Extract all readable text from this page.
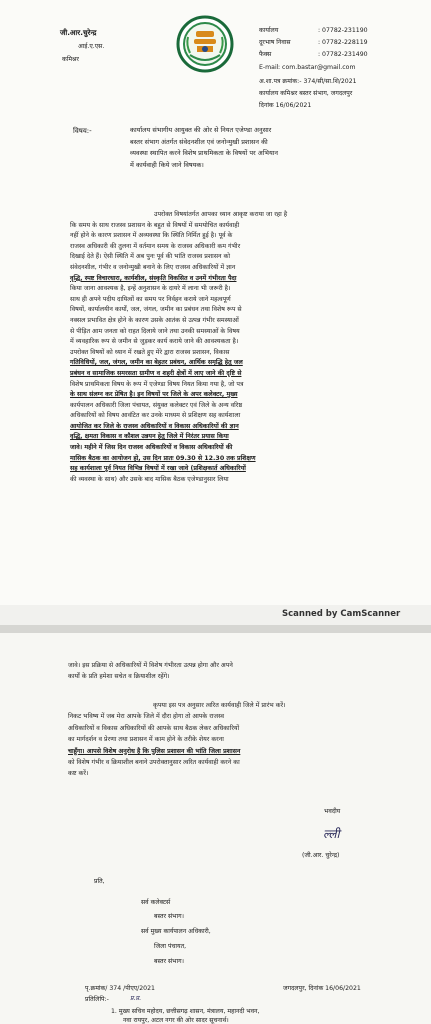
जी.आर.चुरेन्द्र
आई.ए.एस.
कमिश्नर
कार्यालय	: 07782-231190
दूरभाष निवास	: 07782-228119
फैक्स	: 07782-231490
E-mail : com.bastar@gmail.com
अ.शा.पत्र क्रमांक:- 374/सी/सा.शि/2021
कार्यालय कमिश्नर बस्तर संभाग, जगदलपुर
दिनांक 16/06/2021
विषय:-	कार्यालय संभागीय आयुक्त की ओर से नियत एजेण्डा अनुसार

बस्तर संभाग अंतर्गत संवेदनशील एवं जनोन्मुखी प्रशासन की

व्यवस्था स्थापित करने विशेष प्राथमिकता के विषयों पर अभियान

में कार्यवाही किये जाने विषयक।

उपरोक्त विषयांतर्गत आपका ध्यान आकृष्ट कराया जा रहा है

कि समय के साथ राजस्व प्रशासन के बहुत से विषयों में समयोचित कार्यवाही

नहीं होने के कारण प्रशासन में अव्यवस्था कि स्थिति निर्मित हुई है। पूर्व के

राजस्व अधिकारी की तुलना में वर्तमान समय के राजस्व अधिकारी कम गंभीर

दिखाई देते हैं। ऐसी स्थिति में अब पुनः पूर्व की भांति राजस्व प्रशासन को

संवेदनशील, गंभीर व जनोन्मुखी बनाने के लिए राजस्व अधिकारियों में ज्ञान

वृद्धि, स्पष्ट विचारधारा, कार्यशील, संस्कृति विकसित व उनमें गंभीरता पैदा

किया जाना आवश्यक है, इन्हें अनुशासन के दायरे में लाना भी जरूरी है।

साथ ही अपने पदीय दायित्वों का समय पर निर्वहन कराये जाने महत्वपूर्ण

विषयों, कार्यालयीन कार्यों, जल, जंगल, जमीन का प्रबंधन तथा विशेष रूप से

नक्सल प्रभावित क्षेत्र होने के कारण उसके आतंक से उत्पन्न गंभीर समस्याओं

से पीड़ित आम जनता को राहत दिलाये जाने तथा उनकी समस्याओं के विषय

में व्यवहारिक रूप से जमीन से जुड़कर कार्य कराये जाने की आवश्यकता है।

उपरोक्त विषयों को ध्यान में रखते हुए मेरे द्वारा राजस्व प्रशासन, विकास

गतिविधियों, जल, जंगल, जमीन का बेहतर प्रबंधन, आर्थिक समृद्धि हेतु जल

प्रबंधन व सामाजिक समरसता ग्रामीण व शहरी क्षेत्रों में लाए जाने की दृष्टि से

विशेष प्राथमिकता विषय के रूप में एजेण्डा विषय नियत किया गया है, जो पत्र

के साथ संलग्न कर प्रेषित है। इन विषयों पर जिले के अपर कलेक्टर, मुख्य

कार्यपालन अधिकारी जिला पंचायत, संयुक्त कलेक्टर एवं जिले के अन्य वरिष्ठ

अधिकारियों को विषय आवंटित कर उनके माध्यम से प्रशिक्षण सह कार्यशाला

आयोजित कर जिले के राजस्व अधिकारियों व विकास अधिकारियों की ज्ञान

वृद्धि, क्षमता विकास व कौशल उन्नयन हेतु जिले में निरंतर प्रयास किया

जावे। महीने में जिस दिन राजस्व अधिकारियों व विकास अधिकारियों की

मासिक बैठक का आयोजन हो, उस दिन प्रातः 09.30 से 12.30 तक प्रशिक्षण

सह कार्यशाला पूर्व नियत विभिन्न विषयों में रखा जावे (प्रशिक्षकार्त अधिकारियों

की व्यवस्था के साथ) और उसके बाद मासिक बैठक एजेण्डानुसार लिया

Scanned by CamScanner

जावे। इस प्रक्रिया से अधिकारियों में विशेष गंभीरता उत्पन्न होगा और अपने

कार्यों के प्रति हमेशा सचेत व क्रियाशील रहेंगे।

कृपया इस पत्र अनुसार त्वरित कार्यवाही जिले में प्रारंभ करें।

निकट भविष्य में जब मेरा आपके जिले में दौरा होगा तो आपके राजस्व

अधिकारियों व विकास अधिकारियों की आपके साथ बैठक लेकर अधिकारियों

का मार्गदर्शन व प्रेरणा तथा प्रशासन में काम होने के तरीके शेयर करना

चाहूँगा। आपसे विशेष अनुरोध है कि पुलिस प्रशासन की भांति जिला प्रशासन

को विशेष गंभीर व क्रियाशील बनाने उपरोक्तानुसार त्वरित कार्यवाही करने का

कष्ट करें।

भवदीय
ल्ली
(जी.आर. चुरेन्द्र)
प्रति,
सर्व कलेक्टर्स
बस्तर संभाग।
सर्व मुख्य कार्यपालन अधिकारी,
जिला पंचायत,
बस्तर संभाग।
पृ.क्रमांक/ 374 /पीएए/2021	जगदलपुर, दिनांक 16/06/2021
प्रतिलिपि:-	प्र.प्र.
1. मुख्य सचिव महोदय, छत्तीसगढ़ शासन, मंत्रालय, महानदी भवन,
नवा रायपुर, अटल नगर की ओर सादर सूचनार्थ।
